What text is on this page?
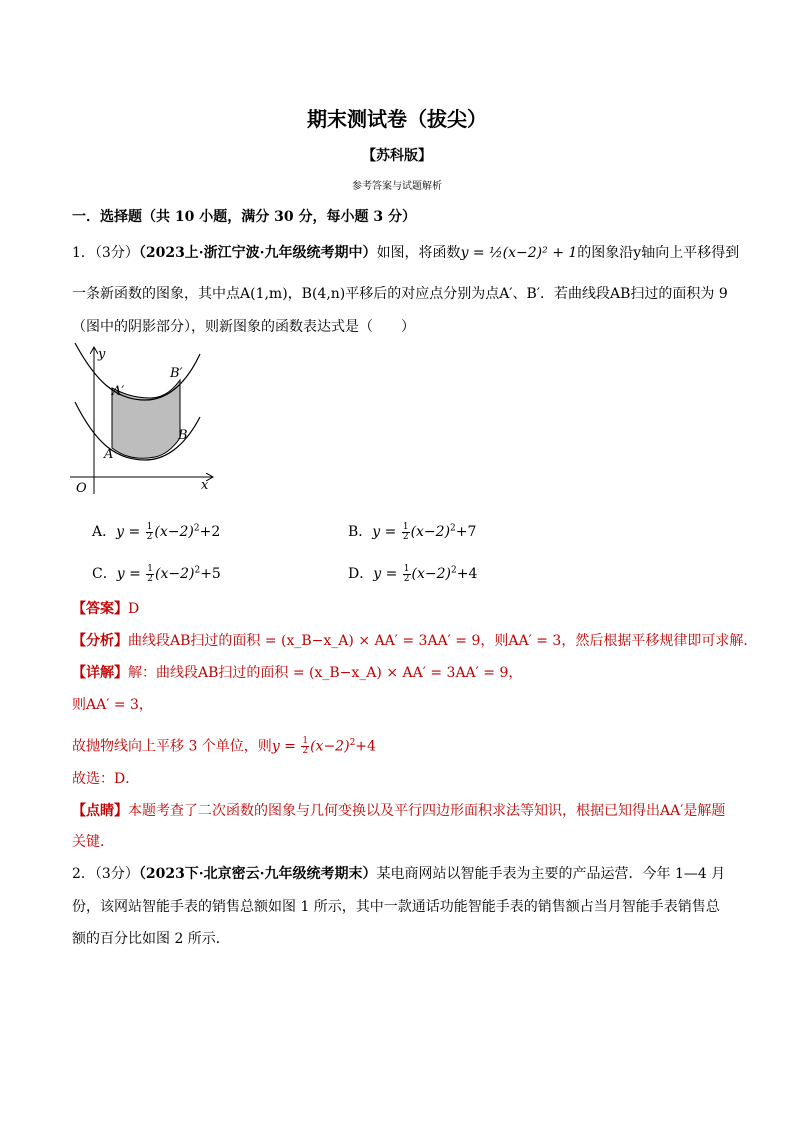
期末测试卷（拔尖）
【苏科版】
参考答案与试题解析
一．选择题（共 10 小题，满分 30 分，每小题 3 分）
1．（3分）（2023上·浙江宁波·九年级统考期中）如图，将函数y = ½(x−2)² + 1的图象沿y轴向上平移得到
一条新函数的图象，其中点A(1,m)，B(4,n)平移后的对应点分别为点A′、B′．若曲线段AB扫过的面积为 9
（图中的阴影部分），则新图象的函数表达式是（　　）
y
x
O
A
B
A′
B′
A．$y = \frac{1}{2} (x-2)^2+2$	B．$y = \frac{1}{2} (x-2)^2+7$
C．$y = \frac{1}{2} (x-2)^2+5$	D．$y = \frac{1}{2} (x-2)^2+4$
【答案】D
【分析】曲线段AB扫过的面积 = (x_B−x_A) × AA′ = 3AA′ = 9，则AA′ = 3，然后根据平移规律即可求解．
【详解】解：曲线段AB扫过的面积 = (x_B−x_A) × AA′ = 3AA′ = 9，
则AA′ = 3，
故抛物线向上平移 3 个单位，则$y = \frac{1}{2} (x-2)^2+4$
故选：D．
【点睛】本题考查了二次函数的图象与几何变换以及平行四边形面积求法等知识，根据已知得出AA′是解题
关键．
2．（3分）（2023下·北京密云·九年级统考期末）某电商网站以智能手表为主要的产品运营．今年 1—4 月
份，该网站智能手表的销售总额如图 1 所示，其中一款通话功能智能手表的销售额占当月智能手表销售总
额的百分比如图 2 所示．
